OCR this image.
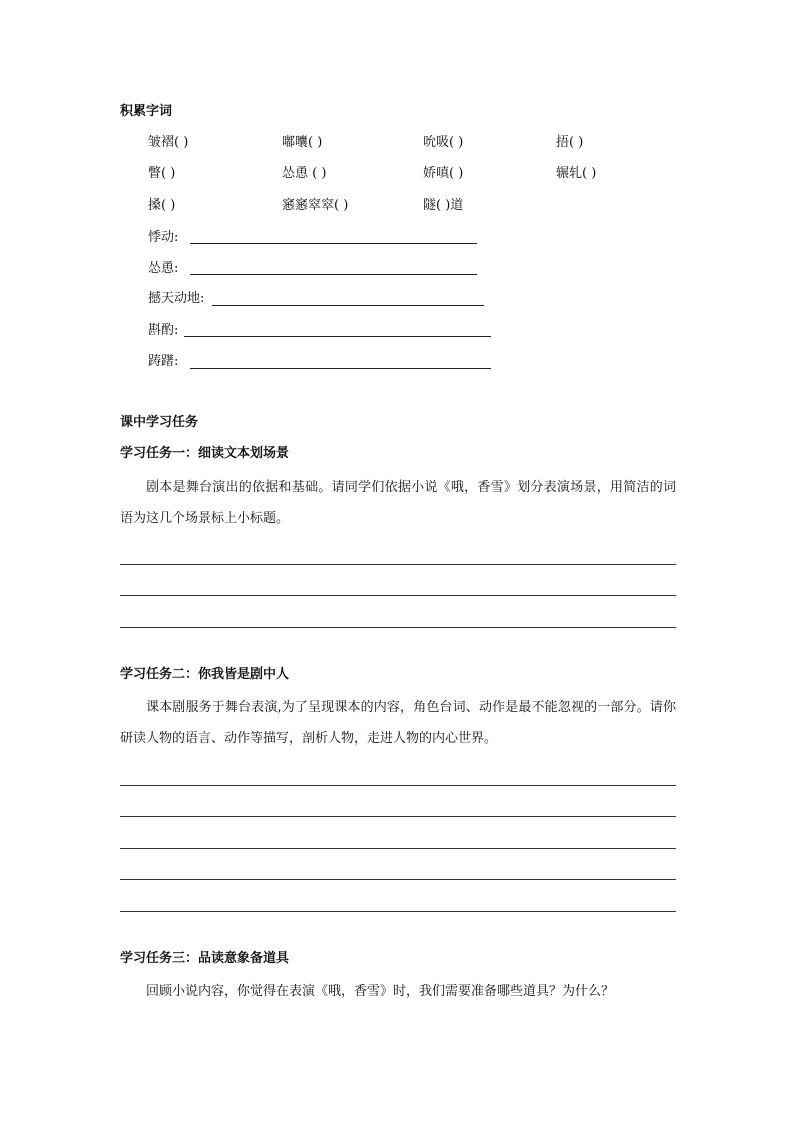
积累字词
皱褶( )	嘟囔( )	吮吸( )	捂( )
瞥( )	怂恿 ( )	娇嗔( )	辗轧( )
搡( )	窸窸窣窣( )	隧( )道
悸动:
怂恿:
撼天动地:
斟酌:
踌躇:
课中学习任务
学习任务一：细读文本划场景
剧本是舞台演出的依据和基础。请同学们依据小说《哦，香雪》划分表演场景，用简洁的词语为这几个场景标上小标题。
学习任务二：你我皆是剧中人
课本剧服务于舞台表演,为了呈现课本的内容，角色台词、动作是最不能忽视的一部分。请你研读人物的语言、动作等描写，剖析人物，走进人物的内心世界。
学习任务三：品读意象备道具
回顾小说内容，你觉得在表演《哦，香雪》时，我们需要准备哪些道具？为什么？
